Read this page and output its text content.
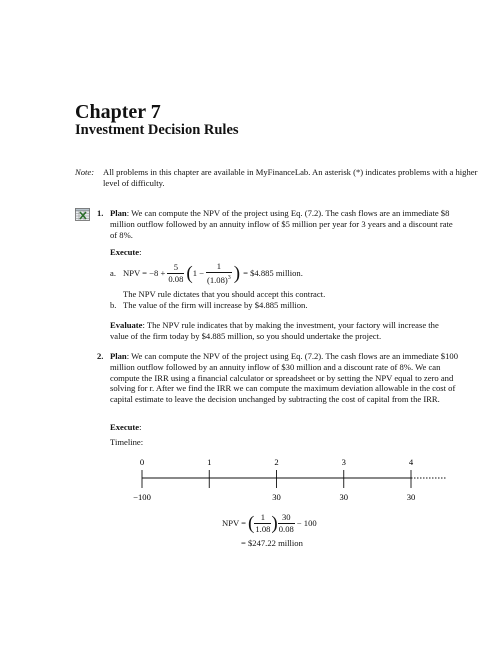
Chapter 7
Investment Decision Rules
Note: All problems in this chapter are available in MyFinanceLab. An asterisk (*) indicates problems with a higher level of difficulty.
1. Plan: We can compute the NPV of the project using Eq. (7.2). The cash flows are an immediate $8 million outflow followed by an annuity inflow of $5 million per year for 3 years and a discount rate of 8%.
Execute:
a. NPV = $-8 + \frac{5}{0.08}$ ( $1 - \frac{1}{(1.08)^3}$ ) = $4.885 million.
The NPV rule dictates that you should accept this contract.
b. The value of the firm will increase by $4.885 million.
Evaluate: The NPV rule indicates that by making the investment, your factory will increase the value of the firm today by $4.885 million, so you should undertake the project.
2. Plan: We can compute the NPV of the project using Eq. (7.2). The cash flows are an immediate $100 million outflow followed by an annuity inflow of $30 million and a discount rate of 8%. We can compute the IRR using a financial calculator or spreadsheet or by setting the NPV equal to zero and solving for r. After we find the IRR we can compute the maximum deviation allowable in the cost of capital estimate to leave the decision unchanged by subtracting the cost of capital from the IRR.
Execute:
Timeline:
0	1	2	3	4
−100	30	30	30
NPV = ( $\frac{1}{1.08}$ ) $\frac{30}{0.08} - 100$
= $247.22 million
